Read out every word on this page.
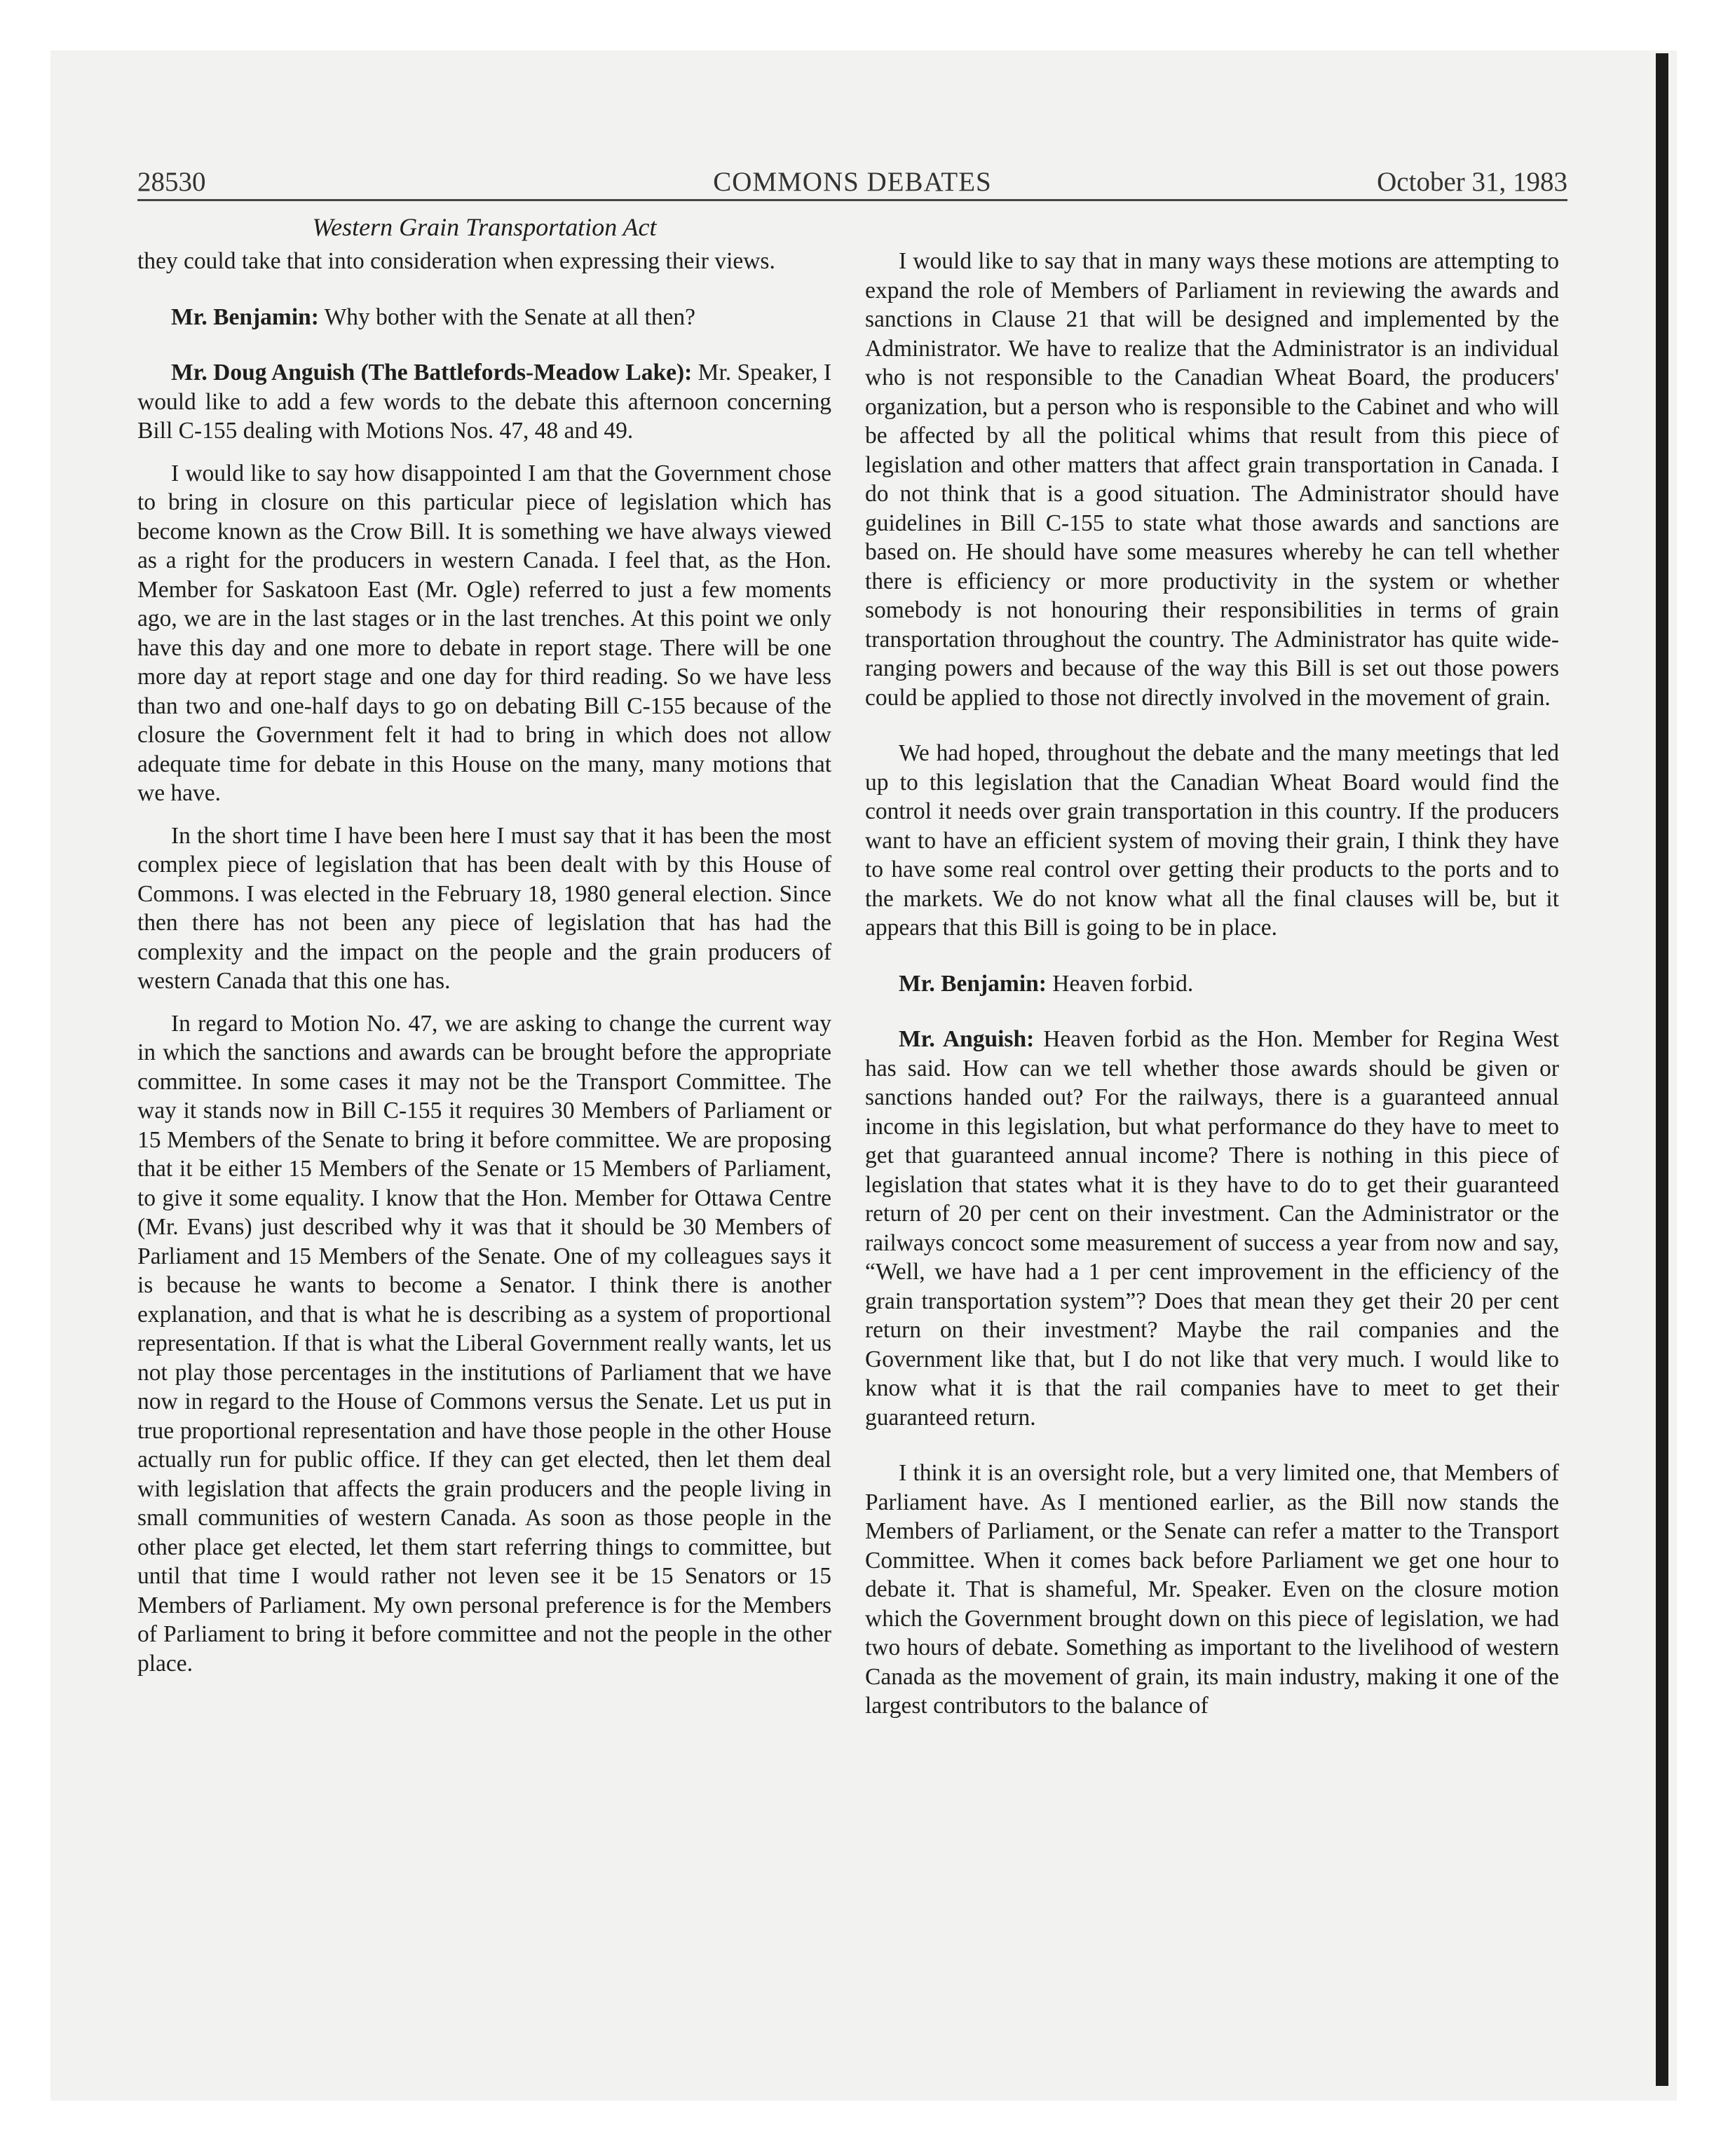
28530	COMMONS DEBATES	October 31, 1983
Western Grain Transportation Act

they could take that into consideration when expressing their views.

Mr. Benjamin: Why bother with the Senate at all then?

Mr. Doug Anguish (The Battlefords-Meadow Lake): Mr. Speaker, I would like to add a few words to the debate this afternoon concerning Bill C-155 dealing with Motions Nos. 47, 48 and 49.

I would like to say how disappointed I am that the Government chose to bring in closure on this particular piece of legislation which has become known as the Crow Bill. It is something we have always viewed as a right for the producers in western Canada. I feel that, as the Hon. Member for Saskatoon East (Mr. Ogle) referred to just a few moments ago, we are in the last stages or in the last trenches. At this point we only have this day and one more to debate in report stage. There will be one more day at report stage and one day for third reading. So we have less than two and one-half days to go on debating Bill C-155 because of the closure the Government felt it had to bring in which does not allow adequate time for debate in this House on the many, many motions that we have.

In the short time I have been here I must say that it has been the most complex piece of legislation that has been dealt with by this House of Commons. I was elected in the February 18, 1980 general election. Since then there has not been any piece of legislation that has had the complexity and the impact on the people and the grain producers of western Canada that this one has.

In regard to Motion No. 47, we are asking to change the current way in which the sanctions and awards can be brought before the appropriate committee. In some cases it may not be the Transport Committee. The way it stands now in Bill C-155 it requires 30 Members of Parliament or 15 Members of the Senate to bring it before committee. We are proposing that it be either 15 Members of the Senate or 15 Members of Parliament, to give it some equality. I know that the Hon. Member for Ottawa Centre (Mr. Evans) just described why it was that it should be 30 Members of Parliament and 15 Members of the Senate. One of my colleagues says it is because he wants to become a Senator. I think there is another explanation, and that is what he is describing as a system of proportional representation. If that is what the Liberal Government really wants, let us not play those percentages in the institutions of Parliament that we have now in regard to the House of Commons versus the Senate. Let us put in true proportional representation and have those people in the other House actually run for public office. If they can get elected, then let them deal with legislation that affects the grain producers and the people living in small communities of western Canada. As soon as those people in the other place get elected, let them start referring things to committee, but until that time I would rather not leven see it be 15 Senators or 15 Members of Parliament. My own personal preference is for the Members of Parliament to bring it before committee and not the people in the other place.

I would like to say that in many ways these motions are attempting to expand the role of Members of Parliament in reviewing the awards and sanctions in Clause 21 that will be designed and implemented by the Administrator. We have to realize that the Administrator is an individual who is not responsible to the Canadian Wheat Board, the producers' organization, but a person who is responsible to the Cabinet and who will be affected by all the political whims that result from this piece of legislation and other matters that affect grain transportation in Canada. I do not think that is a good situation. The Administrator should have guidelines in Bill C-155 to state what those awards and sanctions are based on. He should have some measures whereby he can tell whether there is efficiency or more productivity in the system or whether somebody is not honouring their responsibilities in terms of grain transportation throughout the country. The Administrator has quite wide-ranging powers and because of the way this Bill is set out those powers could be applied to those not directly involved in the movement of grain.

We had hoped, throughout the debate and the many meetings that led up to this legislation that the Canadian Wheat Board would find the control it needs over grain transportation in this country. If the producers want to have an efficient system of moving their grain, I think they have to have some real control over getting their products to the ports and to the markets. We do not know what all the final clauses will be, but it appears that this Bill is going to be in place.

Mr. Benjamin: Heaven forbid.

Mr. Anguish: Heaven forbid as the Hon. Member for Regina West has said. How can we tell whether those awards should be given or sanctions handed out? For the railways, there is a guaranteed annual income in this legislation, but what performance do they have to meet to get that guaranteed annual income? There is nothing in this piece of legislation that states what it is they have to do to get their guaranteed return of 20 per cent on their investment. Can the Administrator or the railways concoct some measurement of success a year from now and say, “Well, we have had a 1 per cent improvement in the efficiency of the grain transportation system”? Does that mean they get their 20 per cent return on their investment? Maybe the rail companies and the Government like that, but I do not like that very much. I would like to know what it is that the rail companies have to meet to get their guaranteed return.

I think it is an oversight role, but a very limited one, that Members of Parliament have. As I mentioned earlier, as the Bill now stands the Members of Parliament, or the Senate can refer a matter to the Transport Committee. When it comes back before Parliament we get one hour to debate it. That is shameful, Mr. Speaker. Even on the closure motion which the Government brought down on this piece of legislation, we had two hours of debate. Something as important to the livelihood of western Canada as the movement of grain, its main industry, making it one of the largest contributors to the balance of
